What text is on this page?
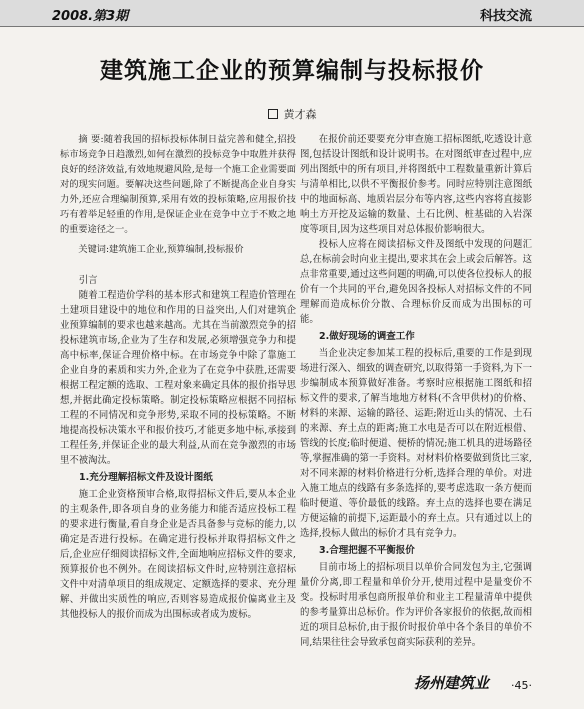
2008.第3期	科技交流
建筑施工企业的预算编制与投标报价
黄才森

摘 要:随着我国的招标投标体制日益完善和健全,招投标市场竞争日趋激烈,如何在激烈的投标竞争中取胜并获得良好的经济效益,有效地规避风险,是每一个施工企业需要面对的现实问题。要解决这些问题,除了不断提高企业自身实力外,还应合理编制预算,采用有效的投标策略,应用报价技巧有着举足轻重的作用,是保证企业在竞争中立于不败之地的重要途径之一。

关键词:建筑施工企业,预算编制,投标报价
引言

随着工程造价学科的基本形式和建筑工程造价管理在土建项目建设中的地位和作用的日益突出,人们对建筑企业预算编制的要求也越来越高。尤其在当前激烈竞争的招投标建筑市场,企业为了生存和发展,必须增强竞争力和提高中标率,保证合理价格中标。在市场竞争中除了靠施工企业自身的素质和实力外,企业为了在竞争中获胜,还需要根据工程定额的选取、工程对象来确定具体的报价指导思想,并据此确定投标策略。制定投标策略应根据不同招标工程的不同情况和竞争形势,采取不同的投标策略。不断地提高投标决策水平和报价技巧,才能更多地中标,承接到工程任务,并保证企业的最大利益,从而在竞争激烈的市场里不被淘汰。

1.充分理解招标文件及设计图纸

施工企业资格预审合格,取得招标文件后,要从本企业的主观条件,即各项自身的业务能力和能否适应投标工程的要求进行衡量,看自身企业是否具备参与竞标的能力,以确定是否进行投标。在确定进行投标并取得招标文件之后,企业应仔细阅读招标文件,全面地响应招标文件的要求,预算报价也不例外。在阅读招标文件时,应特别注意招标文件中对清单项目的组成规定、定额选择的要求、充分理解、并做出实质性的响应,否则容易造成报价偏离业主及其他投标人的报价而成为出围标或者成为废标。

在报价前还要要充分审查施工招标图纸,吃透设计意图,包括设计图纸和设计说明书。在对图纸审查过程中,应列出图纸中的所有项目,并将图纸中工程数量重新计算后与清单相比,以供不平衡报价参考。同时应特别注意图纸中的地面标高、地质岩层分布等内容,这些内容将直接影响土方开挖及运输的数量、土石比例、桩基础的入岩深度等项目,因为这些项目对总体报价影响很大。

投标人应将在阅读招标文件及图纸中发现的问题汇总,在标前会时向业主提出,要求其在会上或会后解答。这点非常重要,通过这些问题的明确,可以使各位投标人的报价有一个共同的平台,避免因各投标人对招标文件的不同理解而造成标价分散、合理标价反而成为出围标的可能。

2.做好现场的调查工作

当企业决定参加某工程的投标后,重要的工作是到现场进行深入、细致的调查研究,以取得第一手资料,为下一步编制成本预算做好准备。考察时应根据施工图纸和招标文件的要求,了解当地地方材料(不含甲供材)的价格、材料的来源、运输的路径、运距;附近山头的情况、土石的来源、弃土点的距离;施工水电是否可以在附近根借、管线的长度;临时便道、便桥的情况;施工机具的进场路径等,掌握准确的第一手资料。对材料价格要做到货比三家,对不同来源的材料价格进行分析,选择合理的单价。对进入施工地点的线路有多条选择的,要考虑选取一条方便而临时便道、等价最低的线路。弃土点的选择也要在满足方便运输的前提下,运距最小的弃土点。只有通过以上的选择,投标人做出的标价才具有竞争力。

3.合理把握不平衡报价

目前市场上的招标项目以单价合同发包为主,它强调量价分离,即工程量和单价分开,使用过程中是量变价不变。投标时用承包商所报单价和业主工程量清单中提供的参考量算出总标价。作为评价各家报价的依据,故而相近的项目总标价,由于报价时报价单中各个条目的单价不同,结果往往会导致承包商实际获利的差异。

扬州建筑业 ·45·
